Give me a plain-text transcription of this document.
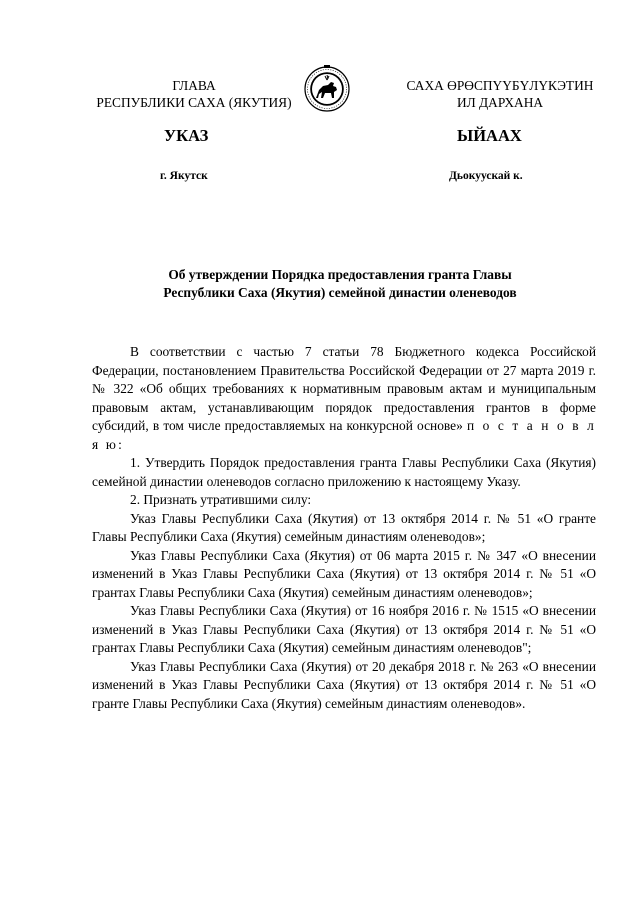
ГЛАВА
РЕСПУБЛИКИ САХА (ЯКУТИЯ)
САХА ӨРӨСПҮҮБҮЛҮКЭТИН
ИЛ ДАРХАНА
УКАЗ	ЫЙААХ
г. Якутск	Дьокуускай к.
Об утверждении Порядка предоставления гранта Главы
Республики Саха (Якутия) семейной династии оленеводов

В соответствии с частью 7 статьи 78 Бюджетного кодекса Российской Федерации, постановлением Правительства Российской Федерации от 27 марта 2019 г. № 322 «Об общих требованиях к нормативным правовым актам и муниципальным правовым актам, устанавливающим порядок предоставления грантов в форме субсидий, в том числе предоставляемых на конкурсной основе» п о с т а н о в л я ю:

1. Утвердить Порядок предоставления гранта Главы Республики Саха (Якутия) семейной династии оленеводов согласно приложению к настоящему Указу.

2. Признать утратившими силу:

Указ Главы Республики Саха (Якутия) от 13 октября 2014 г. № 51 «О гранте Главы Республики Саха (Якутия) семейным династиям оленеводов»;

Указ Главы Республики Саха (Якутия) от 06 марта 2015 г. № 347 «О внесении изменений в Указ Главы Республики Саха (Якутия) от 13 октября 2014 г. № 51 «О грантах Главы Республики Саха (Якутия) семейным династиям оленеводов»;

Указ Главы Республики Саха (Якутия) от 16 ноября 2016 г. № 1515 «О внесении изменений в Указ Главы Республики Саха (Якутия) от 13 октября 2014 г. № 51 «О грантах Главы Республики Саха (Якутия) семейным династиям оленеводов";

Указ Главы Республики Саха (Якутия) от 20 декабря 2018 г. № 263 «О внесении изменений в Указ Главы Республики Саха (Якутия) от 13 октября 2014 г. № 51 «О гранте Главы Республики Саха (Якутия) семейным династиям оленеводов».
